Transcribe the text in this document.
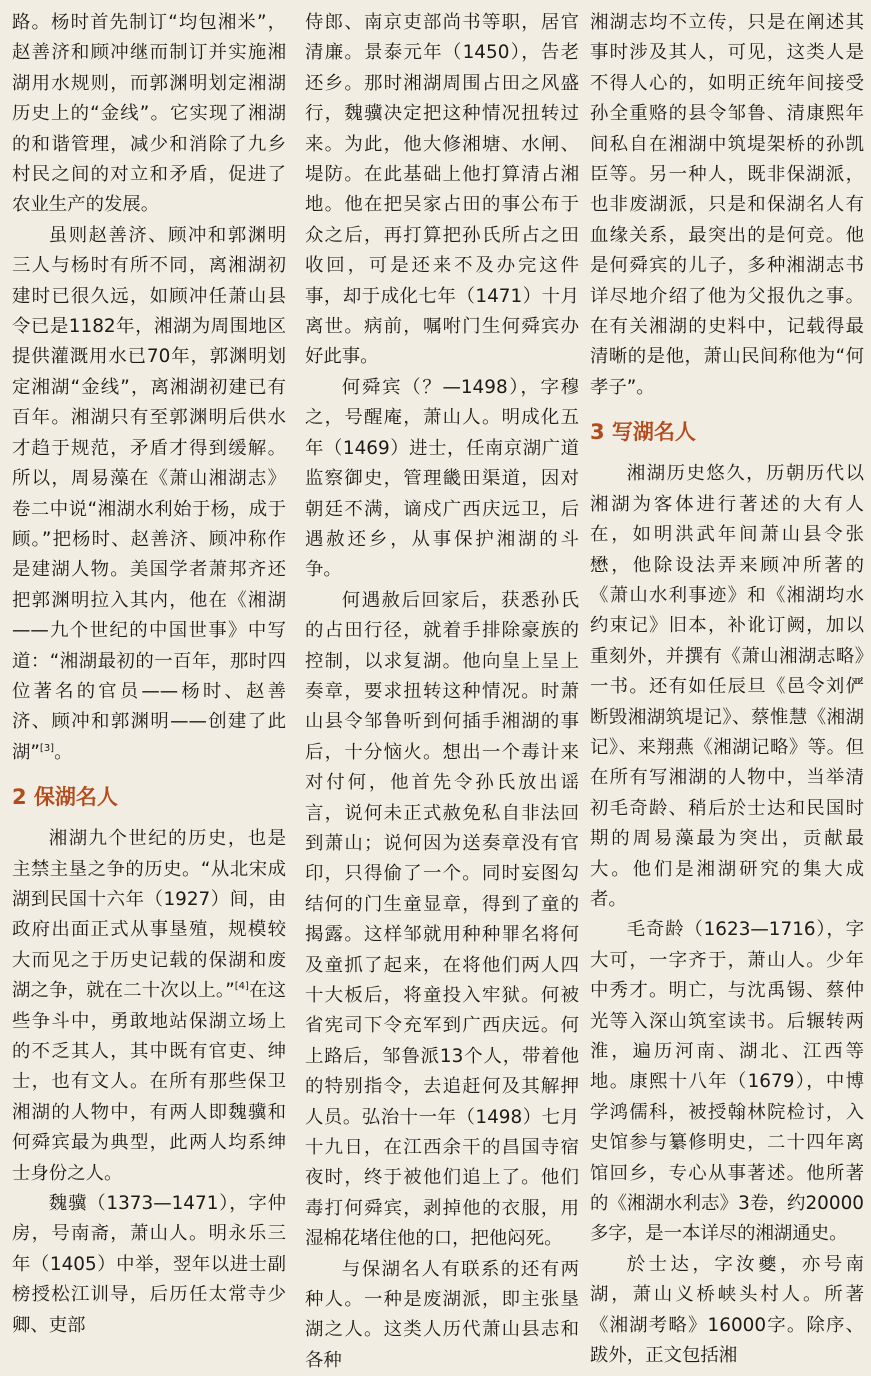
路。杨时首先制订“均包湘米”，赵善济和顾冲继而制订并实施湘湖用水规则，而郭渊明划定湘湖历史上的“金线”。它实现了湘湖的和谐管理，减少和消除了九乡村民之间的对立和矛盾，促进了农业生产的发展。

虽则赵善济、顾冲和郭渊明三人与杨时有所不同，离湘湖初建时已很久远，如顾冲任萧山县令已是1182年，湘湖为周围地区提供灌溉用水已70年，郭渊明划定湘湖“金线”，离湘湖初建已有百年。湘湖只有至郭渊明后供水才趋于规范，矛盾才得到缓解。所以，周易藻在《萧山湘湖志》卷二中说“湘湖水利始于杨，成于顾。”把杨时、赵善济、顾冲称作是建湖人物。美国学者萧邦齐还把郭渊明拉入其内，他在《湘湖——九个世纪的中国世事》中写道：“湘湖最初的一百年，那时四位著名的官员——杨时、赵善济、顾冲和郭渊明——创建了此湖”[3]。

2 保湖名人

湘湖九个世纪的历史，也是主禁主垦之争的历史。“从北宋成湖到民国十六年（1927）间，由政府出面正式从事垦殖，规模较大而见之于历史记载的保湖和废湖之争，就在二十次以上。”[4]在这些争斗中，勇敢地站保湖立场上的不乏其人，其中既有官吏、绅士，也有文人。在所有那些保卫湘湖的人物中，有两人即魏骥和何舜宾最为典型，此两人均系绅士身份之人。

魏骥（1373—1471），字仲房，号南斋，萧山人。明永乐三年（1405）中举，翌年以进士副榜授松江训导，后历任太常寺少卿、吏部

侍郎、南京吏部尚书等职，居官清廉。景泰元年（1450），告老还乡。那时湘湖周围占田之风盛行，魏骥决定把这种情况扭转过来。为此，他大修湘塘、水闸、堤防。在此基础上他打算清占湘地。他在把吴家占田的事公布于众之后，再打算把孙氏所占之田收回，可是还来不及办完这件事，却于成化七年（1471）十月离世。病前，嘱咐门生何舜宾办好此事。

何舜宾（？—1498），字穆之，号醒庵，萧山人。明成化五年（1469）进士，任南京湖广道监察御史，管理畿田渠道，因对朝廷不满，谪戍广西庆远卫，后遇赦还乡，从事保护湘湖的斗争。

何遇赦后回家后，获悉孙氏的占田行径，就着手排除豪族的控制，以求复湖。他向皇上呈上奏章，要求扭转这种情况。时萧山县令邹鲁听到何插手湘湖的事后，十分恼火。想出一个毒计来对付何，他首先令孙氏放出谣言，说何未正式赦免私自非法回到萧山；说何因为送奏章没有官印，只得偷了一个。同时妄图勾结何的门生童显章，得到了童的揭露。这样邹就用种种罪名将何及童抓了起来，在将他们两人四十大板后，将童投入牢狱。何被省宪司下令充军到广西庆远。何上路后，邹鲁派13个人，带着他的特别指令，去追赶何及其解押人员。弘治十一年（1498）七月十九日，在江西余干的昌国寺宿夜时，终于被他们追上了。他们毒打何舜宾，剥掉他的衣服，用湿棉花堵住他的口，把他闷死。

与保湖名人有联系的还有两种人。一种是废湖派，即主张垦湖之人。这类人历代萧山县志和各种

湘湖志均不立传，只是在阐述其事时涉及其人，可见，这类人是不得人心的，如明正统年间接受孙全重赂的县令邹鲁、清康熙年间私自在湘湖中筑堤架桥的孙凯臣等。另一种人，既非保湖派，也非废湖派，只是和保湖名人有血缘关系，最突出的是何竞。他是何舜宾的儿子，多种湘湖志书详尽地介绍了他为父报仇之事。在有关湘湖的史料中，记载得最清晰的是他，萧山民间称他为“何孝子”。

3 写湖名人

湘湖历史悠久，历朝历代以湘湖为客体进行著述的大有人在，如明洪武年间萧山县令张懋，他除设法弄来顾冲所著的《萧山水利事迹》和《湘湖均水约束记》旧本，补讹订阙，加以重刻外，并撰有《萧山湘湖志略》一书。还有如任辰旦《邑令刘俨断毁湘湖筑堤记》、蔡惟慧《湘湖记》、来翔燕《湘湖记略》等。但在所有写湘湖的人物中，当举清初毛奇龄、稍后於士达和民国时期的周易藻最为突出，贡献最大。他们是湘湖研究的集大成者。

毛奇龄（1623—1716），字大可，一字齐于，萧山人。少年中秀才。明亡，与沈禹锡、蔡仲光等入深山筑室读书。后辗转两淮，遍历河南、湖北、江西等地。康熙十八年（1679），中博学鸿儒科，被授翰林院检讨，入史馆参与纂修明史，二十四年离馆回乡，专心从事著述。他所著的《湘湖水利志》3卷，约20000多字，是一本详尽的湘湖通史。

於士达，字汝夔，亦号南湖，萧山义桥峡头村人。所著《湘湖考略》16000字。除序、跋外，正文包括湘
